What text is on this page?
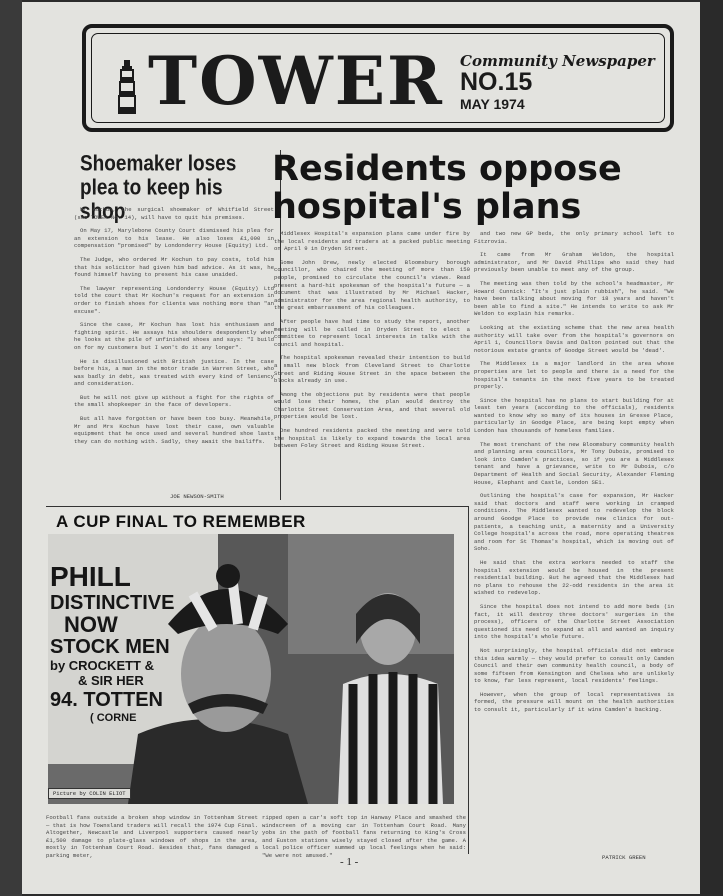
TOWER Community Newspaper
NO.15
MAY 1974
Shoemaker loses plea to keep his shop

Mr Kochun, the surgical shoemaker of Whitfield Street (see TOWER No. 14), will have to quit his premises.

On May 17, Marylebone County Court dismissed his plea for an extension to his lease. He also loses £1,000 in compensation "promised" by Londonderry House (Equity) Ltd.

The Judge, who ordered Mr Kochun to pay costs, told him that his solicitor had given him bad advice. As it was, he found himself having to present his case unaided.

The lawyer representing Londonderry House (Equity) Ltd told the court that Mr Kochun's request for an extension in order to finish shoes for clients was nothing more than "an excuse".

Since the case, Mr Kochun has lost his enthusiasm and fighting spirit. He assays his shoulders despondently when he looks at the pile of unfinished shoes and says: "I build on for my customers but I won't do it any longer".

He is disillusioned with British justice. In the case before his, a man in the motor trade in Warren Street, who was badly in debt, was treated with every kind of leniency and consideration.

But he will not give up without a fight for the rights of the small shopkeeper in the face of developers.

But all have forgotten or have been too busy. Meanwhile, Mr and Mrs Kochun have lost their case, own valuable equipment that he once used and several hundred shoe lasts they can do nothing with. Sadly, they await the bailiffs.

JOE NEWSON-SMITH
Residents oppose hospital's plans

Middlesex Hospital's expansion plans came under fire by the local residents and traders at a packed public meeting on April 9 in Dryden Street.

Some John Drew, newly elected Bloomsbury borough councillor, who chaired the meeting of more than 150 people, promised to circulate the council's views. Read present a hard-hit spokesman of the hospital's future — a document that was illustrated by Mr Michael Hacker, administrator for the area regional health authority, to the great embarrassment of his colleagues.

After people have had time to study the report, another meeting will be called in Dryden Street to elect a committee to represent local interests in talks with the council and hospital.

The hospital spokesman revealed their intention to build a small new block from Cleveland Street to Charlotte Street and Riding House Street in the space between the blocks already in use.

Among the objections put by residents were that people would lose their homes, the plan would destroy the Charlotte Street Conservation Area, and that several old properties would be lost.

One hundred residents packed the meeting and were told the hospital is likely to expand towards the local area between Foley Street and Riding House Street.

and two new GP beds, the only primary school left to Fitzrovia.

It came from Mr Graham Weldon, the hospital administrator, and Mr David Phillips who said they had previously been unable to meet any of the group.

The meeting was then told by the school's headmaster, Mr Howard Cunnick: "It's just plain rubbish", he said. "We have been talking about moving for 18 years and haven't been able to find a site." He intends to write to ask Mr Weldon to explain his remarks.

Looking at the existing scheme that the new area health authority will take over from the hospital's governors on April 1, Councillors Davis and Dalton pointed out that the notorious estate grants of Goodge Street would be 'dead'.

The Middlesex is a major landlord in the area whose properties are let to people and there is a need for the hospital's tenants in the next five years to be treated properly.

Since the hospital has no plans to start building for at least ten years (according to the officials), residents wanted to know why so many of its houses in Gresse Place, particularly in Goodge Place, are being kept empty when London has thousands of homeless families.

The most trenchant of the new Bloomsbury community health and planning area councillors, Mr Tony Dubois, promised to look into Camden's practices, so if you are a Middlesex tenant and have a grievance, write to Mr Dubois, c/o Department of Health and Social Security, Alexander Fleming House, Elephant and Castle, London SE1.

Outlining the hospital's case for expansion, Mr Hacker said that doctors and staff were working in cramped conditions. The Middlesex wanted to redevelop the block around Goodge Place to provide new clinics for out-patients, a teaching unit, a maternity and a University College hospital's across the road, more operating theatres and room for St Thomas's hospital, which is moving out of Soho.

He said that the extra workers needed to staff the hospital extension would be housed in the present residential building. But he agreed that the Middlesex had no plans to rehouse the 22-odd residents in the area it wished to redevelop.

Since the hospital does not intend to add more beds (in fact, it will destroy three doctors' surgeries in the process), officers of the Charlotte Street Association questioned its need to expand at all and wanted an inquiry into the hospital's whole future.

Not surprisingly, the hospital officials did not embrace this idea warmly — they would prefer to consult only Camden Council and their own community health council, a body of some fifteen from Kensington and Chelsea who are unlikely to know, far less represent, local residents' feelings.

However, when the group of local representatives is formed, the pressure will mount on the health authorities to consult it, particularly if it wins Camden's backing.

PATRICK GREEN
A CUP FINAL TO REMEMBER
PHILL
DISTINCTIVE
NOW
STOCK MEN
by CROCKETT &
& SIR HER
94. TOTTEN
( CORNE
Picture by COLIN ELIOT
Football fans outside a broken shop window in Tottenham Street — that is how Townsland traders will recall the 1974 Cup Final. Altogether, Newcastle and Liverpool supporters caused nearly £1,500 damage to plate-glass windows of shops in the area, mostly in Tottenham Court Road. Besides that, fans damaged a parking meter,
ripped open a car's soft top in Hanway Place and smashed the windscreen of a moving car in Tottenham Court Road. Many yobs in the path of football fans returning to King's Cross and Euston stations wisely stayed closed after the game. A local police officer summed up local feelings when he said: "We were not amused."
- 1 -
